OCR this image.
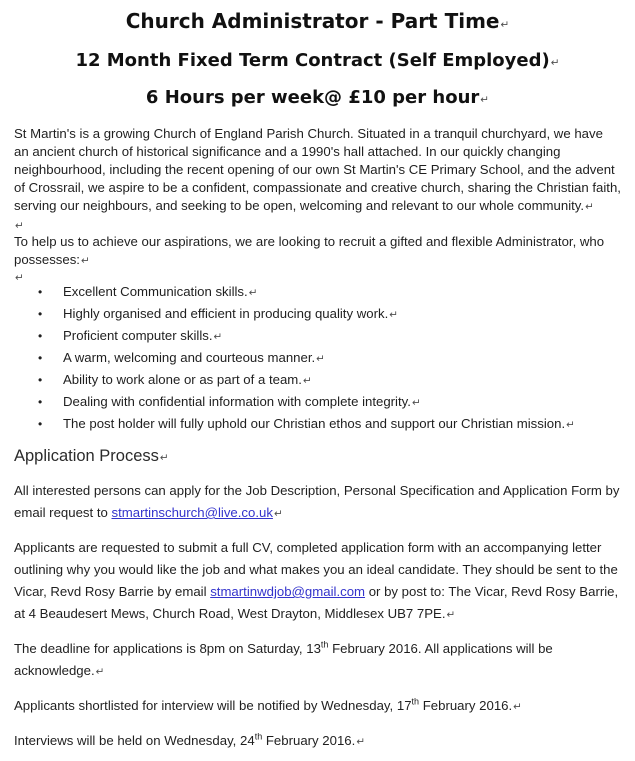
Church Administrator - Part Time↵
12 Month Fixed Term Contract (Self Employed)↵
6 Hours per week@ £10 per hour↵

St Martin's is a growing Church of England Parish Church. Situated in a tranquil churchyard, we have an ancient church of historical significance and a 1990's hall attached. In our quickly changing neighbourhood, including the recent opening of our own St Martin's CE Primary School, and the advent of Crossrail, we aspire to be a confident, compassionate and creative church, sharing the Christian faith, serving our neighbours, and seeking to be open, welcoming and relevant to our whole community.↵

↵

To help us to achieve our aspirations, we are looking to recruit a gifted and flexible Administrator, who possesses:↵

↵
• Excellent Communication skills.↵
• Highly organised and efficient in producing quality work.↵
• Proficient computer skills.↵
• A warm, welcoming and courteous manner.↵
• Ability to work alone or as part of a team.↵
• Dealing with confidential information with complete integrity.↵
• The post holder will fully uphold our Christian ethos and support our Christian mission.↵
Application Process↵

All interested persons can apply for the Job Description, Personal Specification and Application Form by email request to stmartinschurch@live.co.uk↵

Applicants are requested to submit a full CV, completed application form with an accompanying letter outlining why you would like the job and what makes you an ideal candidate. They should be sent to the Vicar, Revd Rosy Barrie by email stmartinwdjob@gmail.com or by post to: The Vicar, Revd Rosy Barrie, at 4 Beaudesert Mews, Church Road, West Drayton, Middlesex UB7 7PE.↵

The deadline for applications is 8pm on Saturday, 13th February 2016. All applications will be acknowledge.↵

Applicants shortlisted for interview will be notified by Wednesday, 17th February 2016.↵

Interviews will be held on Wednesday, 24th February 2016.↵
